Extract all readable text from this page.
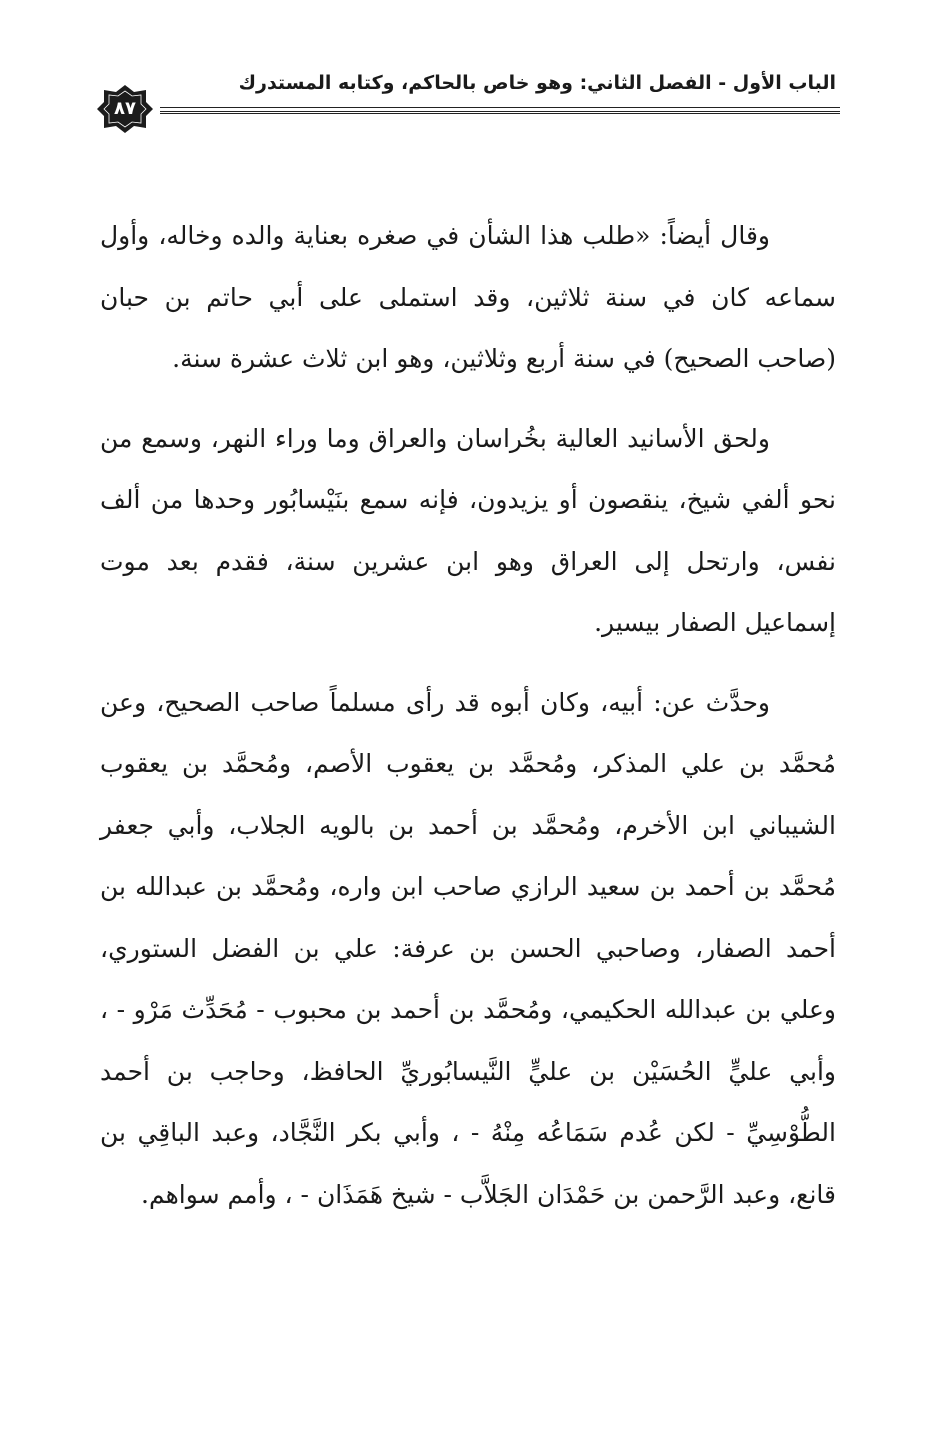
الباب الأول - الفصل الثاني: وهو خاص بالحاكم، وكتابه المستدرك
٨٧

وقال أيضاً: «طلب هذا الشأن في صغره بعناية والده وخاله، وأول سماعه كان في سنة ثلاثين، وقد استملى على أبي حاتم بن حبان (صاحب الصحيح) في سنة أربع وثلاثين، وهو ابن ثلاث عشرة سنة.

ولحق الأسانيد العالية بخُراسان والعراق وما وراء النهر، وسمع من نحو ألفي شيخ، ينقصون أو يزيدون، فإنه سمع بنَيْسابُور وحدها من ألف نفس، وارتحل إلى العراق وهو ابن عشرين سنة، فقدم بعد موت إسماعيل الصفار بيسير.

وحدَّث عن: أبيه، وكان أبوه قد رأى مسلماً صاحب الصحيح، وعن مُحمَّد بن علي المذكر، ومُحمَّد بن يعقوب الأصم، ومُحمَّد بن يعقوب الشيباني ابن الأخرم، ومُحمَّد بن أحمد بن بالويه الجلاب، وأبي جعفر مُحمَّد بن أحمد بن سعيد الرازي صاحب ابن واره، ومُحمَّد بن عبدالله بن أحمد الصفار، وصاحبي الحسن بن عرفة: علي بن الفضل الستوري، وعلي بن عبدالله الحكيمي، ومُحمَّد بن أحمد بن محبوب - مُحَدِّث مَرْو - ، وأبي عليٍّ الحُسَيْن بن عليٍّ النَّيسابُوريِّ الحافظ، وحاجب بن أحمد الطُّوْسِيِّ - لكن عُدم سَمَاعُه مِنْهُ - ، وأبي بكر النَّجَّاد، وعبد الباقِي بن قانع، وعبد الرَّحمن بن حَمْدَان الجَلاَّب - شيخ هَمَذَان - ، وأمم سواهم.
